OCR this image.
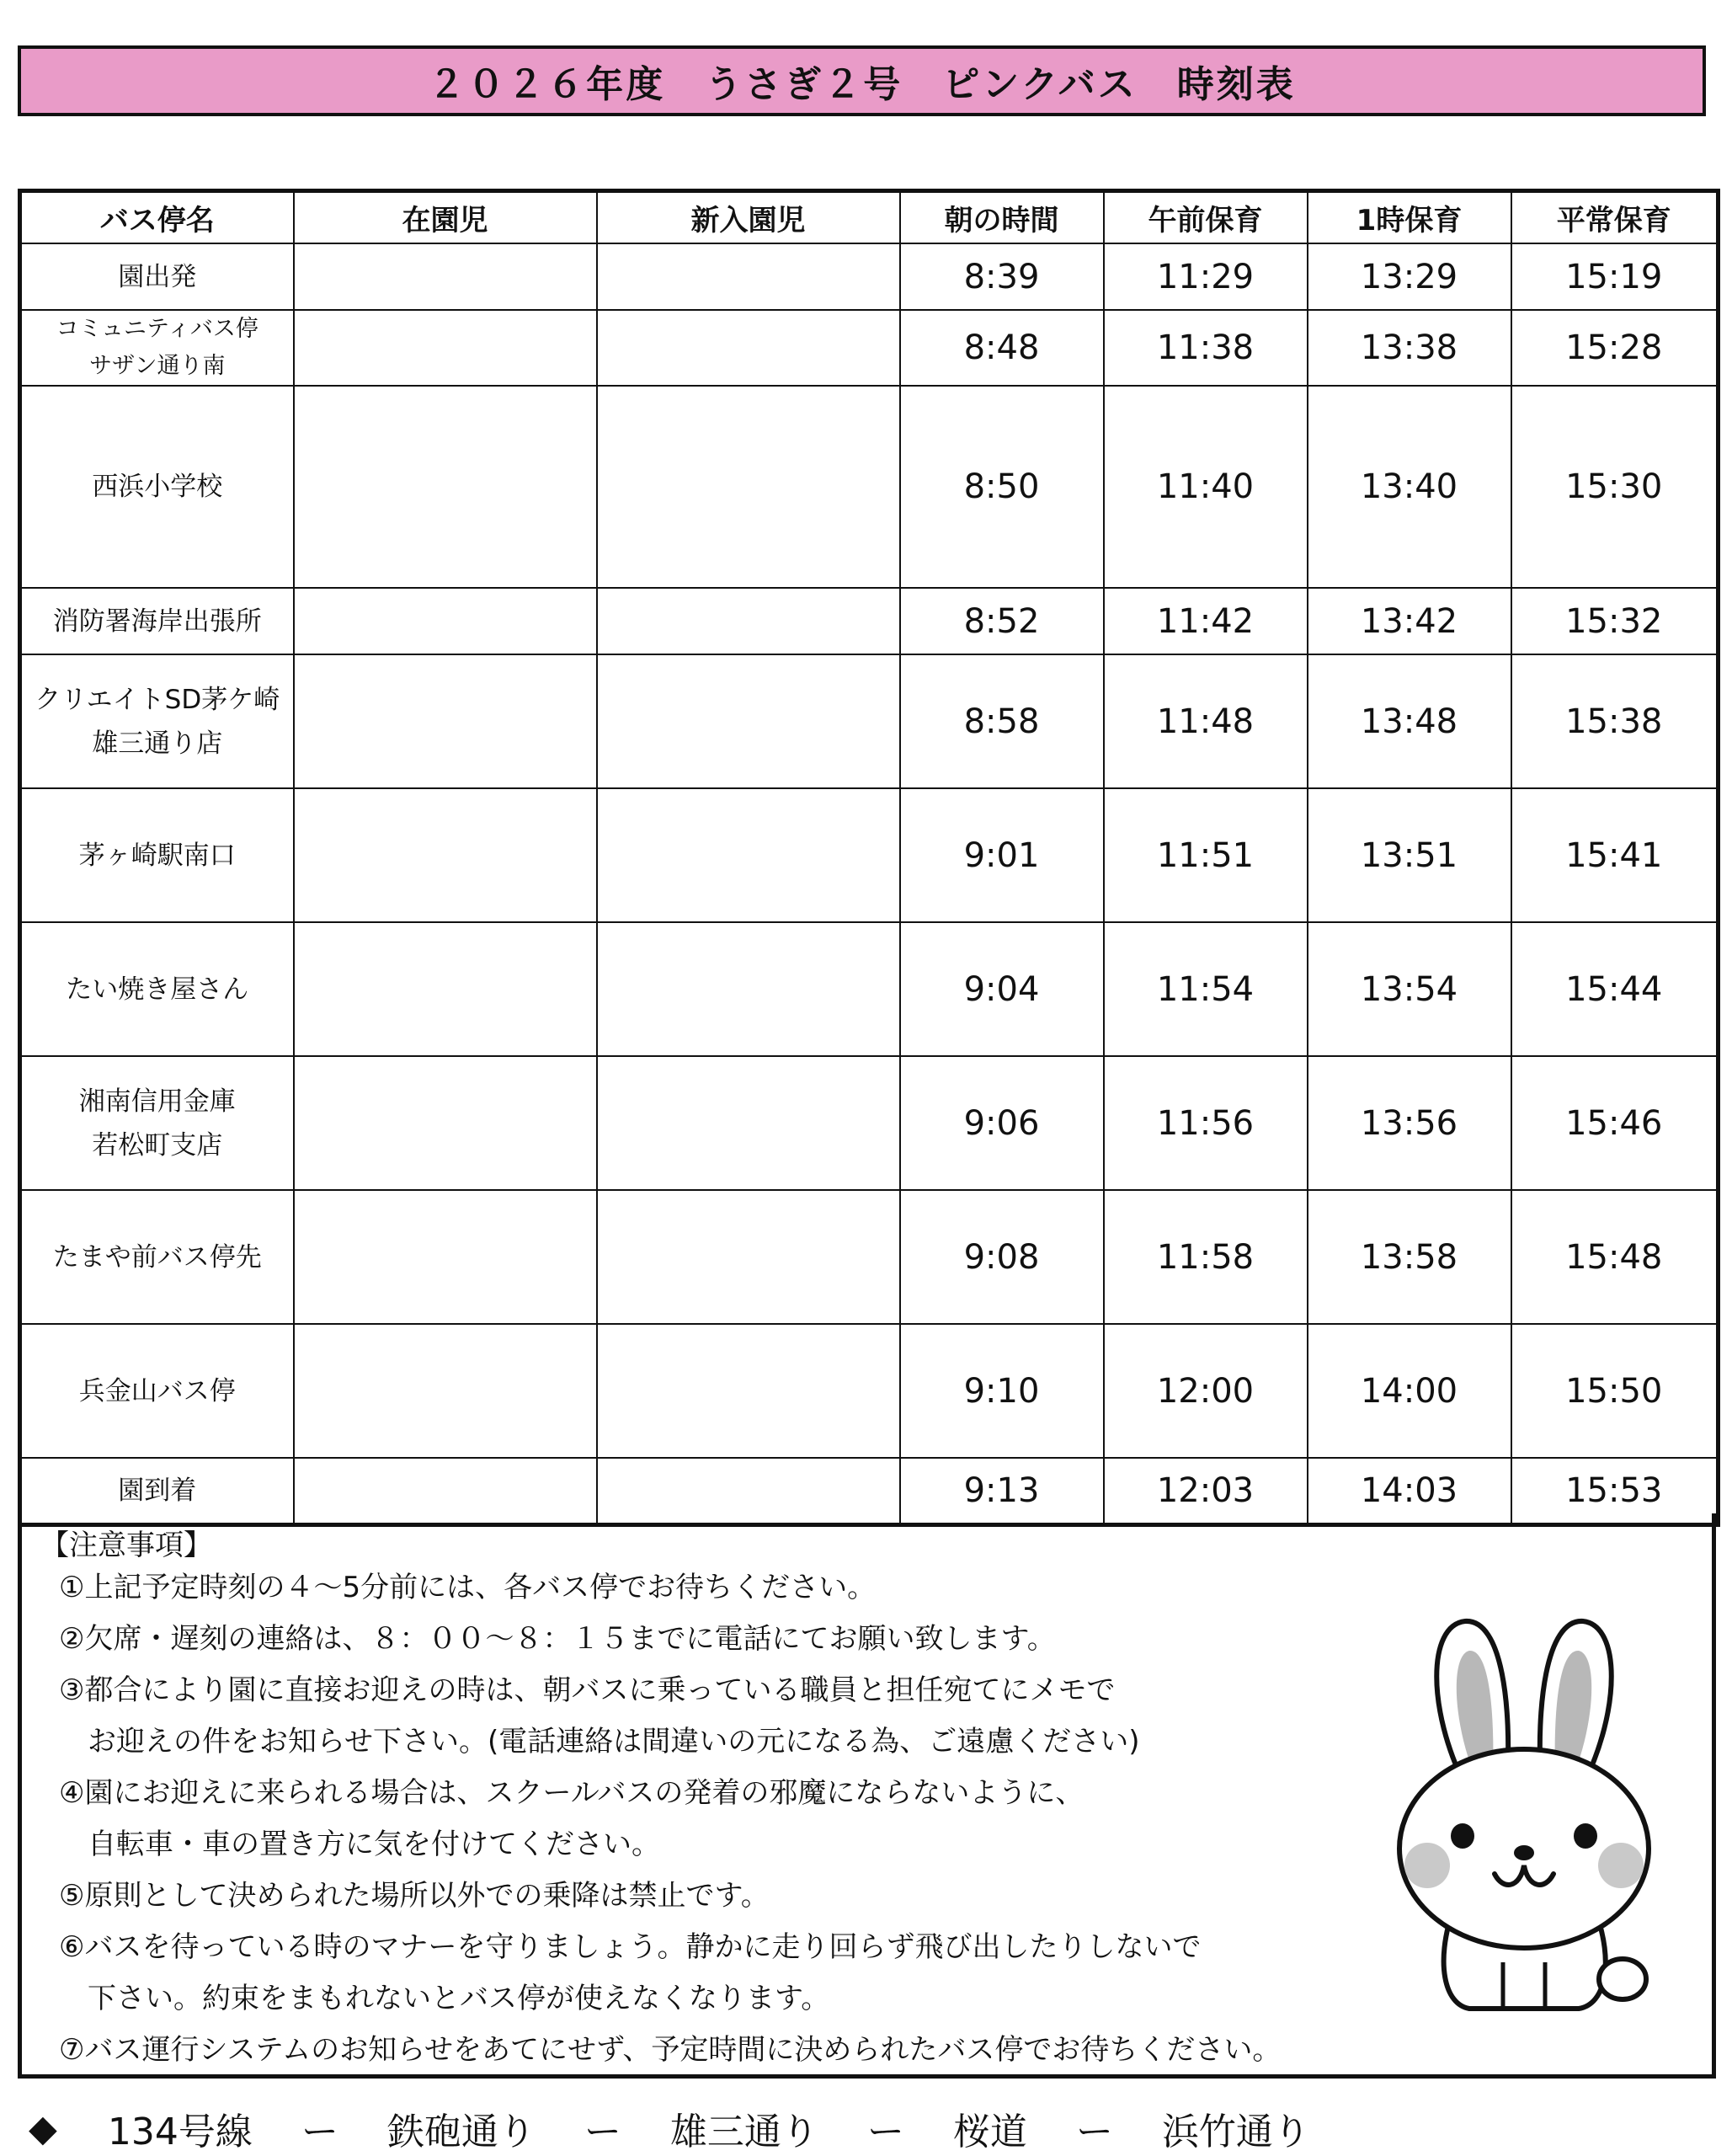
２０２６年度　うさぎ２号　ピンクバス　時刻表
バス停名	在園児	新入園児	朝の時間	午前保育	1時保育	平常保育

園出発			8:39	11:29	13:29	15:19

コミュニティバス停
サザン通り南			8:48	11:38	13:38	15:28

西浜小学校			8:50	11:40	13:40	15:30

消防署海岸出張所			8:52	11:42	13:42	15:32

クリエイトSD茅ケ崎
雄三通り店			8:58	11:48	13:48	15:38

茅ヶ崎駅南口			9:01	11:51	13:51	15:41

たい焼き屋さん			9:04	11:54	13:54	15:44

湘南信用金庫
若松町支店			9:06	11:56	13:56	15:46

たまや前バス停先			9:08	11:58	13:58	15:48

兵金山バス停			9:10	12:00	14:00	15:50

園到着			9:13	12:03	14:03	15:53
【注意事項】
①上記予定時刻の４～5分前には、各バス停でお待ちください。
②欠席・遅刻の連絡は、８：００～８：１５までに電話にてお願い致します。
③都合により園に直接お迎えの時は、朝バスに乗っている職員と担任宛てにメモで
　お迎えの件をお知らせ下さい。(電話連絡は間違いの元になる為、ご遠慮ください)
④園にお迎えに来られる場合は、スクールバスの発着の邪魔にならないように、
　自転車・車の置き方に気を付けてください。
⑤原則として決められた場所以外での乗降は禁止です。
⑥バスを待っている時のマナーを守りましょう。静かに走り回らず飛び出したりしないで
　下さい。約束をまもれないとバス停が使えなくなります。
⑦バス運行システムのお知らせをあてにせず、予定時間に決められたバス停でお待ちください。
◆ 134号線 ー 鉄砲通り ー 雄三通り ー 桜道 ー 浜竹通り
